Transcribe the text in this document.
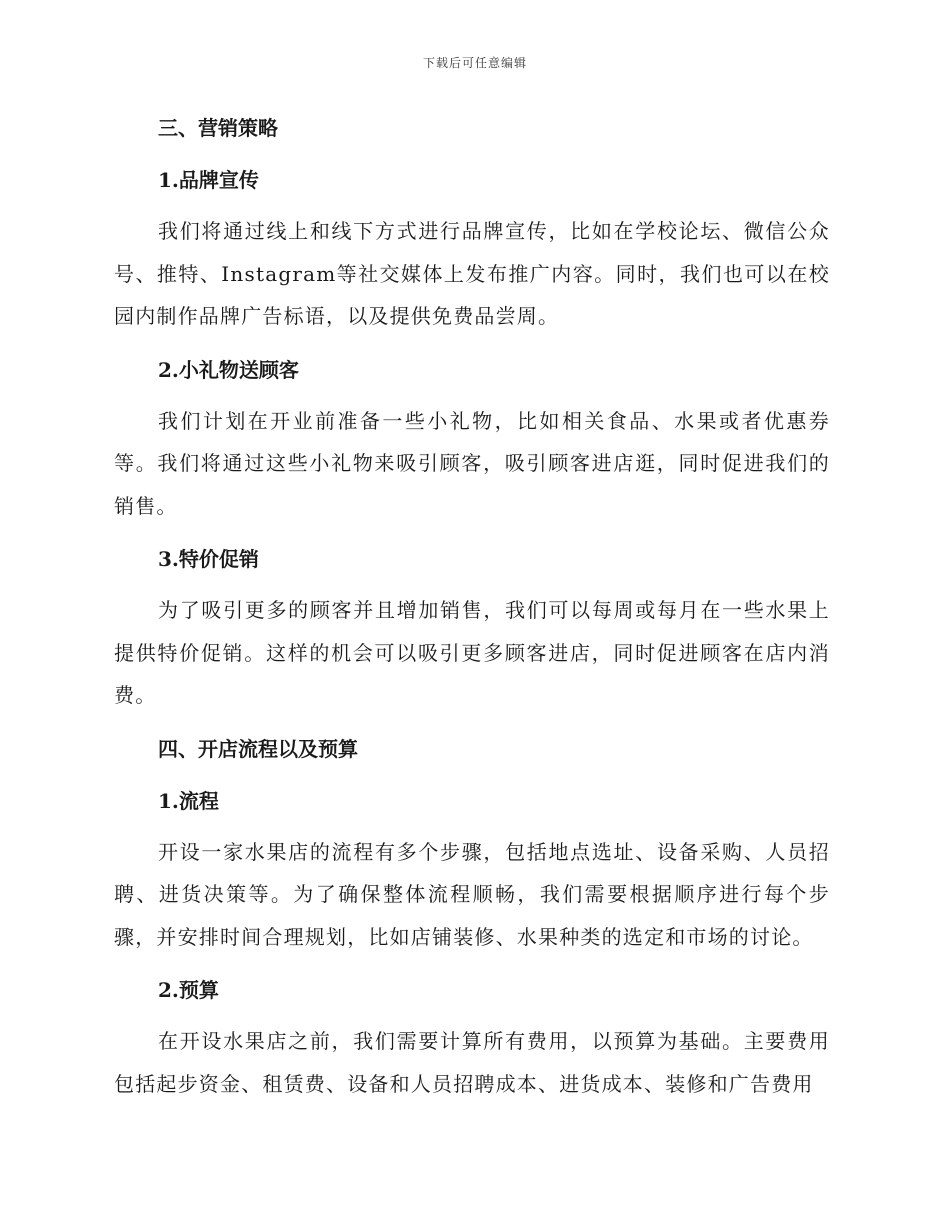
下载后可任意编辑
三、营销策略
1.品牌宣传

我们将通过线上和线下方式进行品牌宣传，比如在学校论坛、微信公众号、推特、Instagram等社交媒体上发布推广内容。同时，我们也可以在校园内制作品牌广告标语，以及提供免费品尝周。

2.小礼物送顾客

我们计划在开业前准备一些小礼物，比如相关食品、水果或者优惠券等。我们将通过这些小礼物来吸引顾客，吸引顾客进店逛，同时促进我们的销售。

3.特价促销

为了吸引更多的顾客并且增加销售，我们可以每周或每月在一些水果上提供特价促销。这样的机会可以吸引更多顾客进店，同时促进顾客在店内消费。

四、开店流程以及预算
1.流程

开设一家水果店的流程有多个步骤，包括地点选址、设备采购、人员招聘、进货决策等。为了确保整体流程顺畅，我们需要根据顺序进行每个步骤，并安排时间合理规划，比如店铺装修、水果种类的选定和市场的讨论。

2.预算

在开设水果店之前，我们需要计算所有费用，以预算为基础。主要费用包括起步资金、租赁费、设备和人员招聘成本、进货成本、装修和广告费用
